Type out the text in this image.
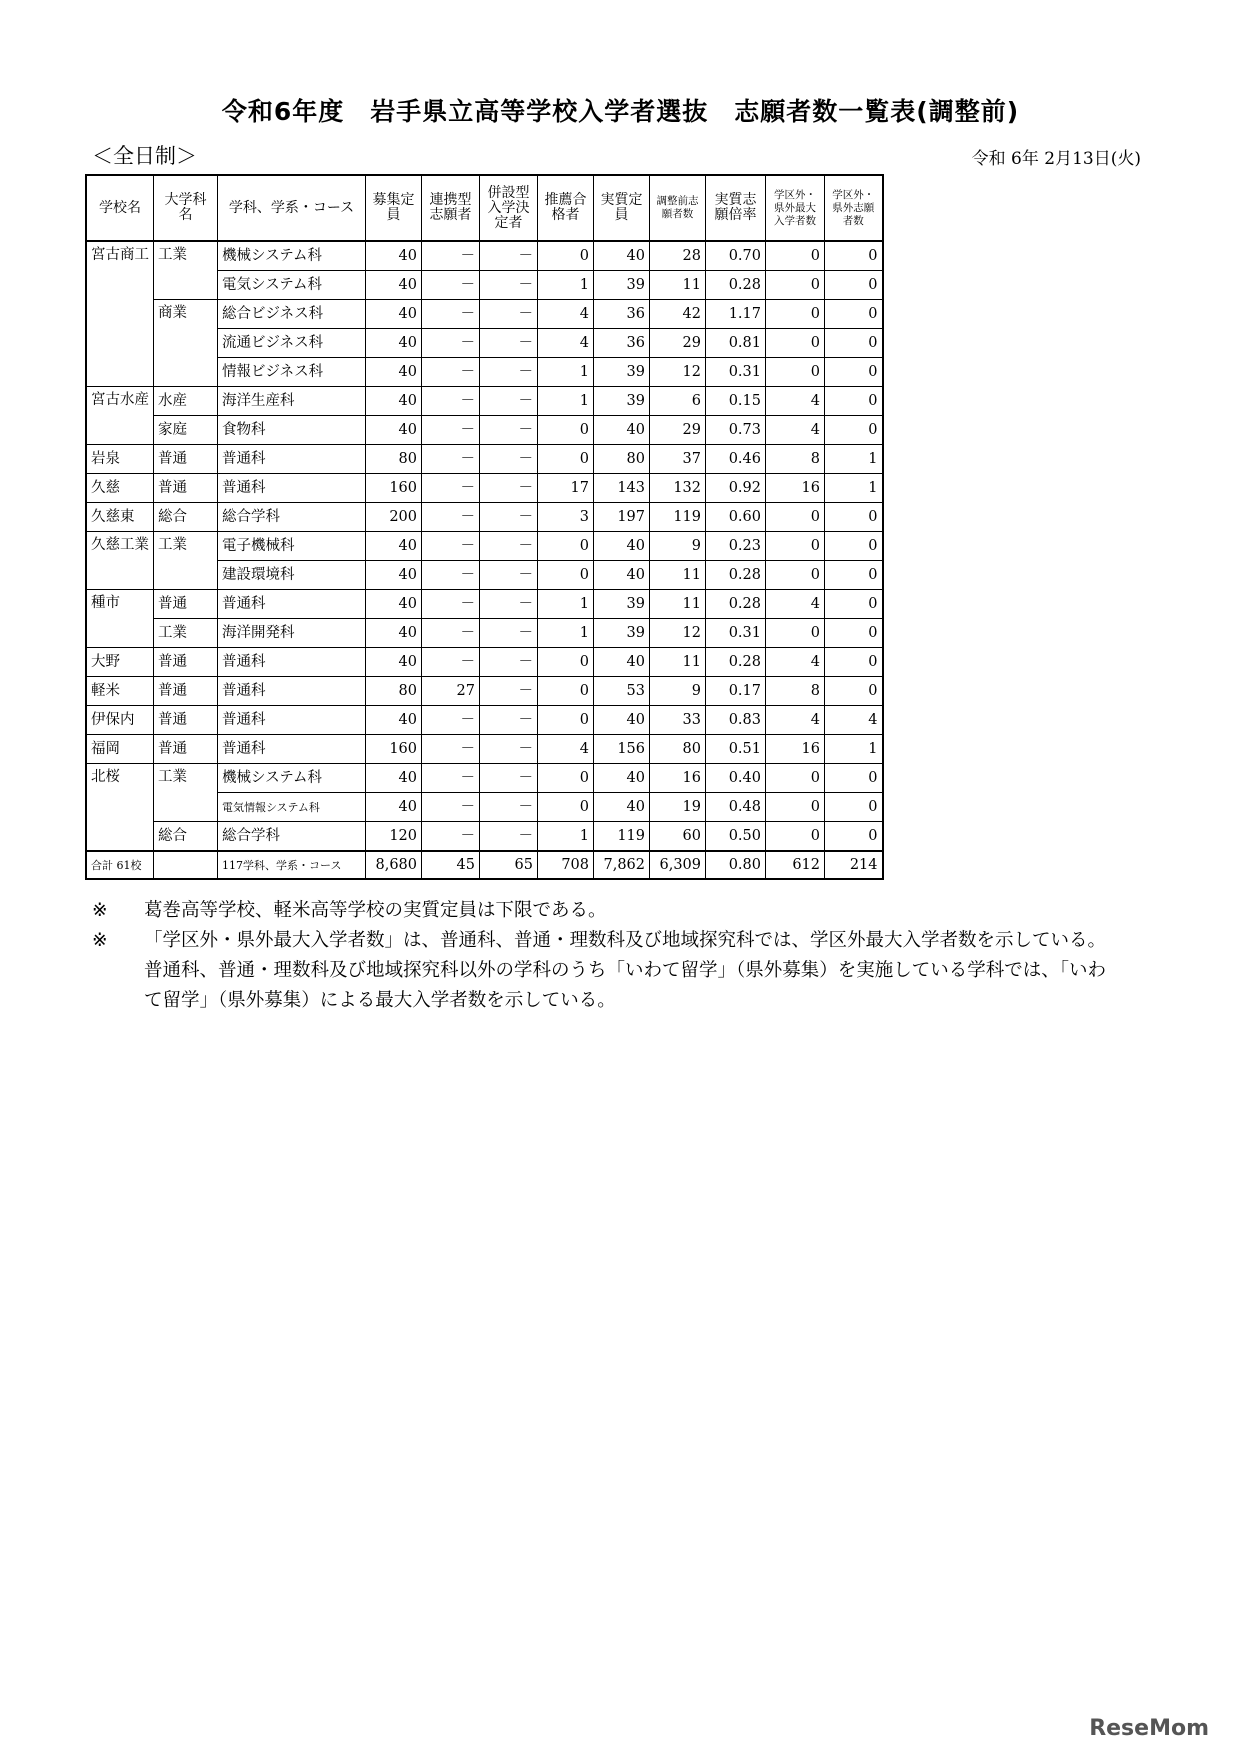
令和6年度　岩手県立高等学校入学者選抜　志願者数一覧表(調整前)
＜全日制＞	令和 6年 2月13日(火)
学校名	大学科名	学科、学系・コース	募集定員	連携型志願者	併設型入学決定者	推薦合格者	実質定員	調整前志願者数	実質志願倍率	学区外・県外最大入学者数	学区外・県外志願者数
宮古商工	工業	機械システム科	40	－	－	0	40	28	0.70	0	0
		電気システム科	40	－	－	1	39	11	0.28	0	0
	商業	総合ビジネス科	40	－	－	4	36	42	1.17	0	0
		流通ビジネス科	40	－	－	4	36	29	0.81	0	0
		情報ビジネス科	40	－	－	1	39	12	0.31	0	0
宮古水産	水産	海洋生産科	40	－	－	1	39	6	0.15	4	0
	家庭	食物科	40	－	－	0	40	29	0.73	4	0
岩泉	普通	普通科	80	－	－	0	80	37	0.46	8	1
久慈	普通	普通科	160	－	－	17	143	132	0.92	16	1
久慈東	総合	総合学科	200	－	－	3	197	119	0.60	0	0
久慈工業	工業	電子機械科	40	－	－	0	40	9	0.23	0	0
		建設環境科	40	－	－	0	40	11	0.28	0	0
種市	普通	普通科	40	－	－	1	39	11	0.28	4	0
	工業	海洋開発科	40	－	－	1	39	12	0.31	0	0
大野	普通	普通科	40	－	－	0	40	11	0.28	4	0
軽米	普通	普通科	80	27	－	0	53	9	0.17	8	0
伊保内	普通	普通科	40	－	－	0	40	33	0.83	4	4
福岡	普通	普通科	160	－	－	4	156	80	0.51	16	1
北桜	工業	機械システム科	40	－	－	0	40	16	0.40	0	0
		電気情報システム科	40	－	－	0	40	19	0.48	0	0
	総合	総合学科	120	－	－	1	119	60	0.50	0	0
合計 61校		117学科、学系・コース	8,680	45	65	708	7,862	6,309	0.80	612	214
※	葛巻高等学校、軽米高等学校の実質定員は下限である。
※	「学区外・県外最大入学者数」は、普通科、普通・理数科及び地域探究科では、学区外最大入学者数を示している。普通科、普通・理数科及び地域探究科以外の学科のうち「いわて留学」（県外募集）を実施している学科では、「いわて留学」（県外募集）による最大入学者数を示している。
ReseMom
